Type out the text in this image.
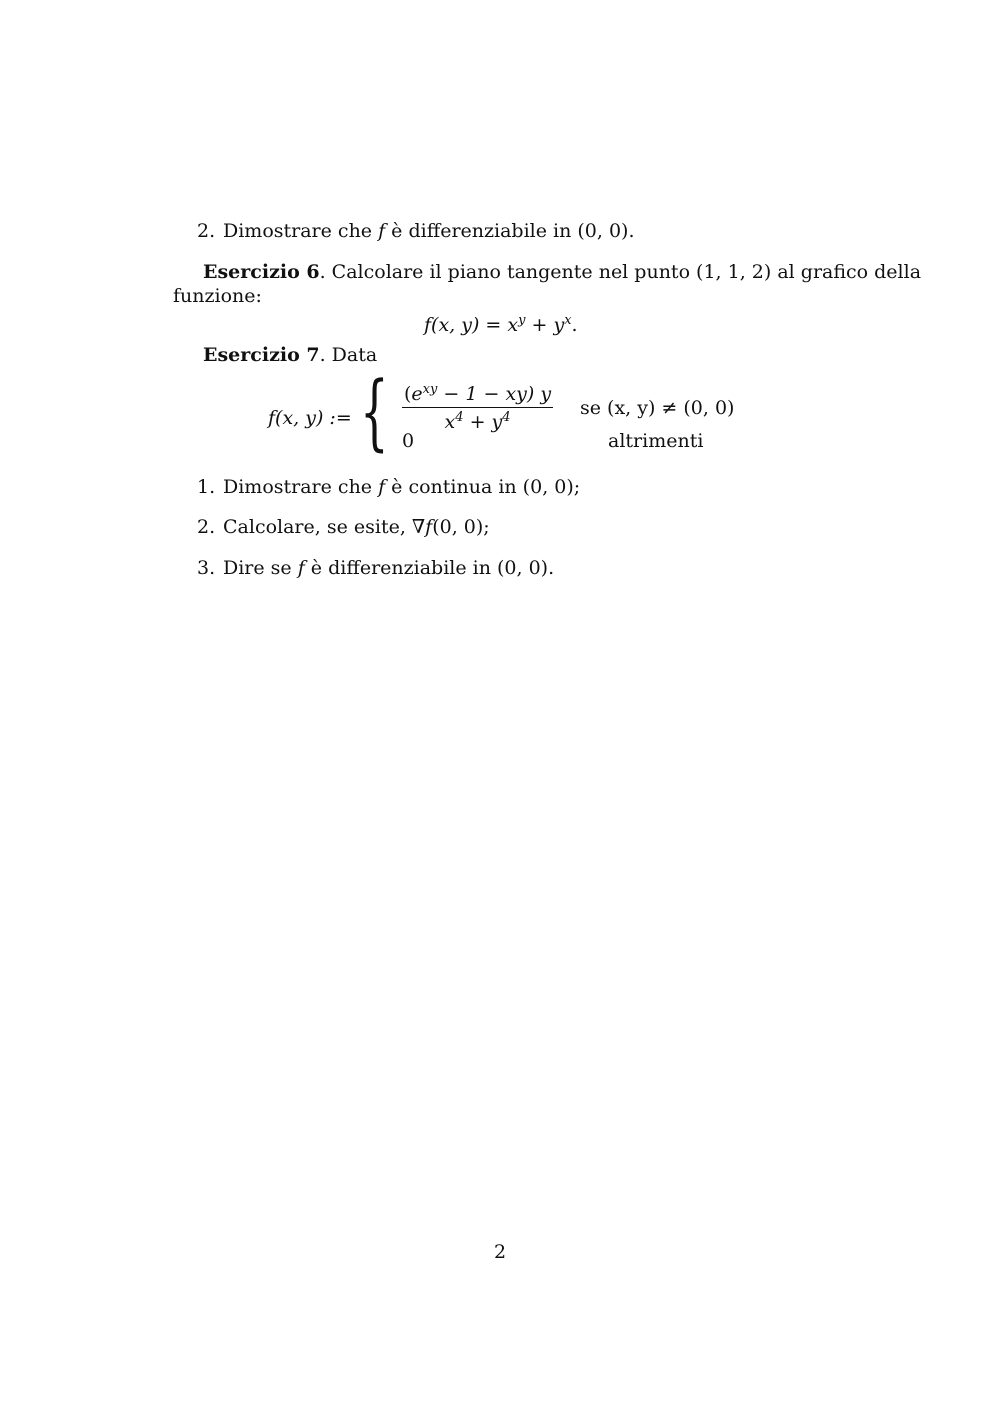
2. Dimostrare che f è differenziabile in (0, 0).
Esercizio 6. Calcolare il piano tangente nel punto (1, 1, 2) al grafico della
funzione:
f(x, $y) = x^y + y^x$.
Esercizio 7. Data
f(x, y) := { $(e^{xy} - 1 - xy)$ y
$x^4 + y^4$	se (x, y) ≠ (0, 0)
0	altrimenti
1. Dimostrare che f è continua in (0, 0);
2. Calcolare, se esite, ∇f(0, 0);
3. Dire se f è differenziabile in (0, 0).
2
